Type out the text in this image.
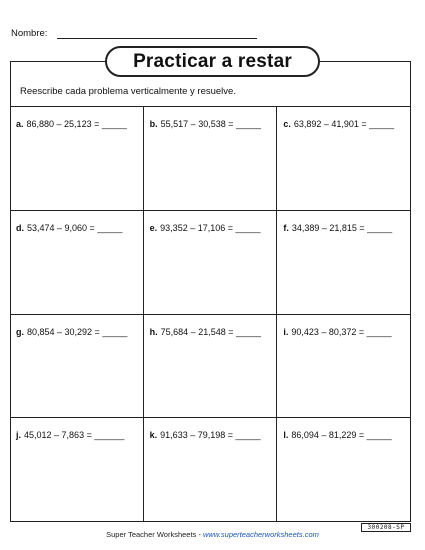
Nombre:
Practicar a restar
Reescribe cada problema verticalmente y resuelve.
a. 86,880 – 25,123 = _____	b. 55,517 – 30,538 = _____	c. 63,892 – 41,901 = _____
d. 53,474 – 9,060 = _____	e. 93,352 – 17,106 = _____	f. 34,389 – 21,815 = _____
g. 80,854 – 30,292 = _____	h. 75,684 – 21,548 = _____	i. 90,423 – 80,372 = _____
j. 45,012 – 7,863 = ______	k. 91,633 – 79,198 = _____	l. 86,094 – 81,229 = _____
300208-SP
Super Teacher Worksheets - www.superteacherworksheets.com
